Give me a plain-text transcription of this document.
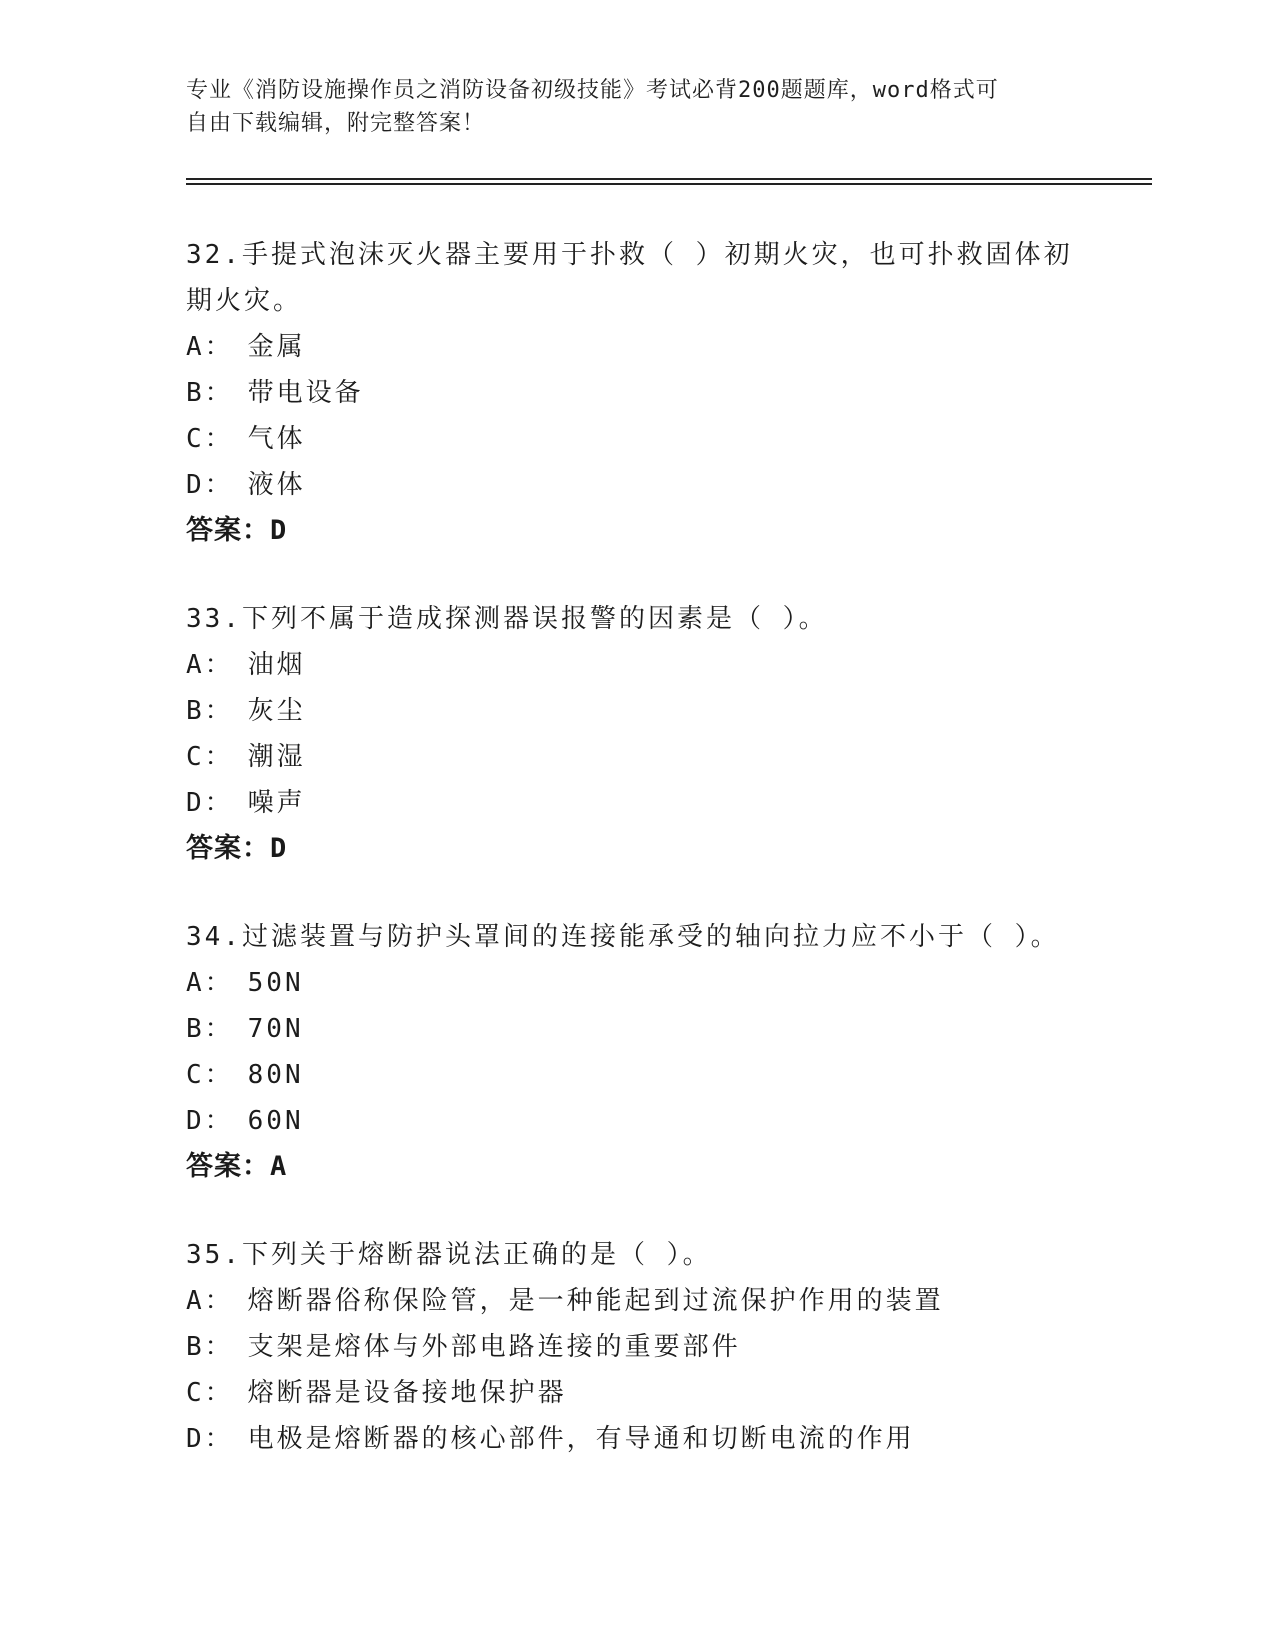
专业《消防设施操作员之消防设备初级技能》考试必背200题题库，word格式可
自由下载编辑，附完整答案！
32.手提式泡沫灭火器主要用于扑救（ ）初期火灾，也可扑救固体初
期火灾。
A： 金属
B： 带电设备
C： 气体
D： 液体
答案：D
33.下列不属于造成探测器误报警的因素是（ ）。
A： 油烟
B： 灰尘
C： 潮湿
D： 噪声
答案：D
34.过滤装置与防护头罩间的连接能承受的轴向拉力应不小于（ ）。
A： 50N
B： 70N
C： 80N
D： 60N
答案：A
35.下列关于熔断器说法正确的是（ ）。
A： 熔断器俗称保险管，是一种能起到过流保护作用的装置
B： 支架是熔体与外部电路连接的重要部件
C： 熔断器是设备接地保护器
D： 电极是熔断器的核心部件，有导通和切断电流的作用
